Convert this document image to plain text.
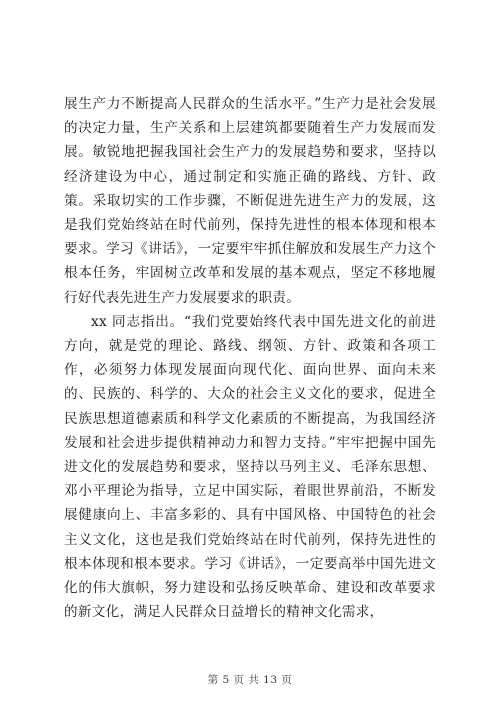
展生产力不断提高人民群众的生活水平。”生产力是社会发展的决定力量，生产关系和上层建筑都要随着生产力发展而发展。敏锐地把握我国社会生产力的发展趋势和要求，坚持以经济建设为中心，通过制定和实施正确的路线、方针、政策。采取切实的工作步骤，不断促进先进生产力的发展，这是我们党始终站在时代前列，保持先进性的根本体现和根本要求。学习《讲话》，一定要牢牢抓住解放和发展生产力这个根本任务，牢固树立改革和发展的基本观点，坚定不移地履行好代表先进生产力发展要求的职责。

xx 同志指出。“我们党要始终代表中国先进文化的前进方向，就是党的理论、路线、纲领、方针、政策和各项工作，必须努力体现发展面向现代化、面向世界、面向未来的、民族的、科学的、大众的社会主义文化的要求，促进全民族思想道德素质和科学文化素质的不断提高，为我国经济发展和社会进步提供精神动力和智力支持。”牢牢把握中国先进文化的发展趋势和要求，坚持以马列主义、毛泽东思想、邓小平理论为指导，立足中国实际，着眼世界前沿，不断发展健康向上、丰富多彩的、具有中国风格、中国特色的社会主义文化，这也是我们党始终站在时代前列，保持先进性的根本体现和根本要求。学习《讲话》，一定要高举中国先进文化的伟大旗帜，努力建设和弘扬反映革命、建设和改革要求的新文化，满足人民群众日益增长的精神文化需求，

第 5 页 共 13 页
